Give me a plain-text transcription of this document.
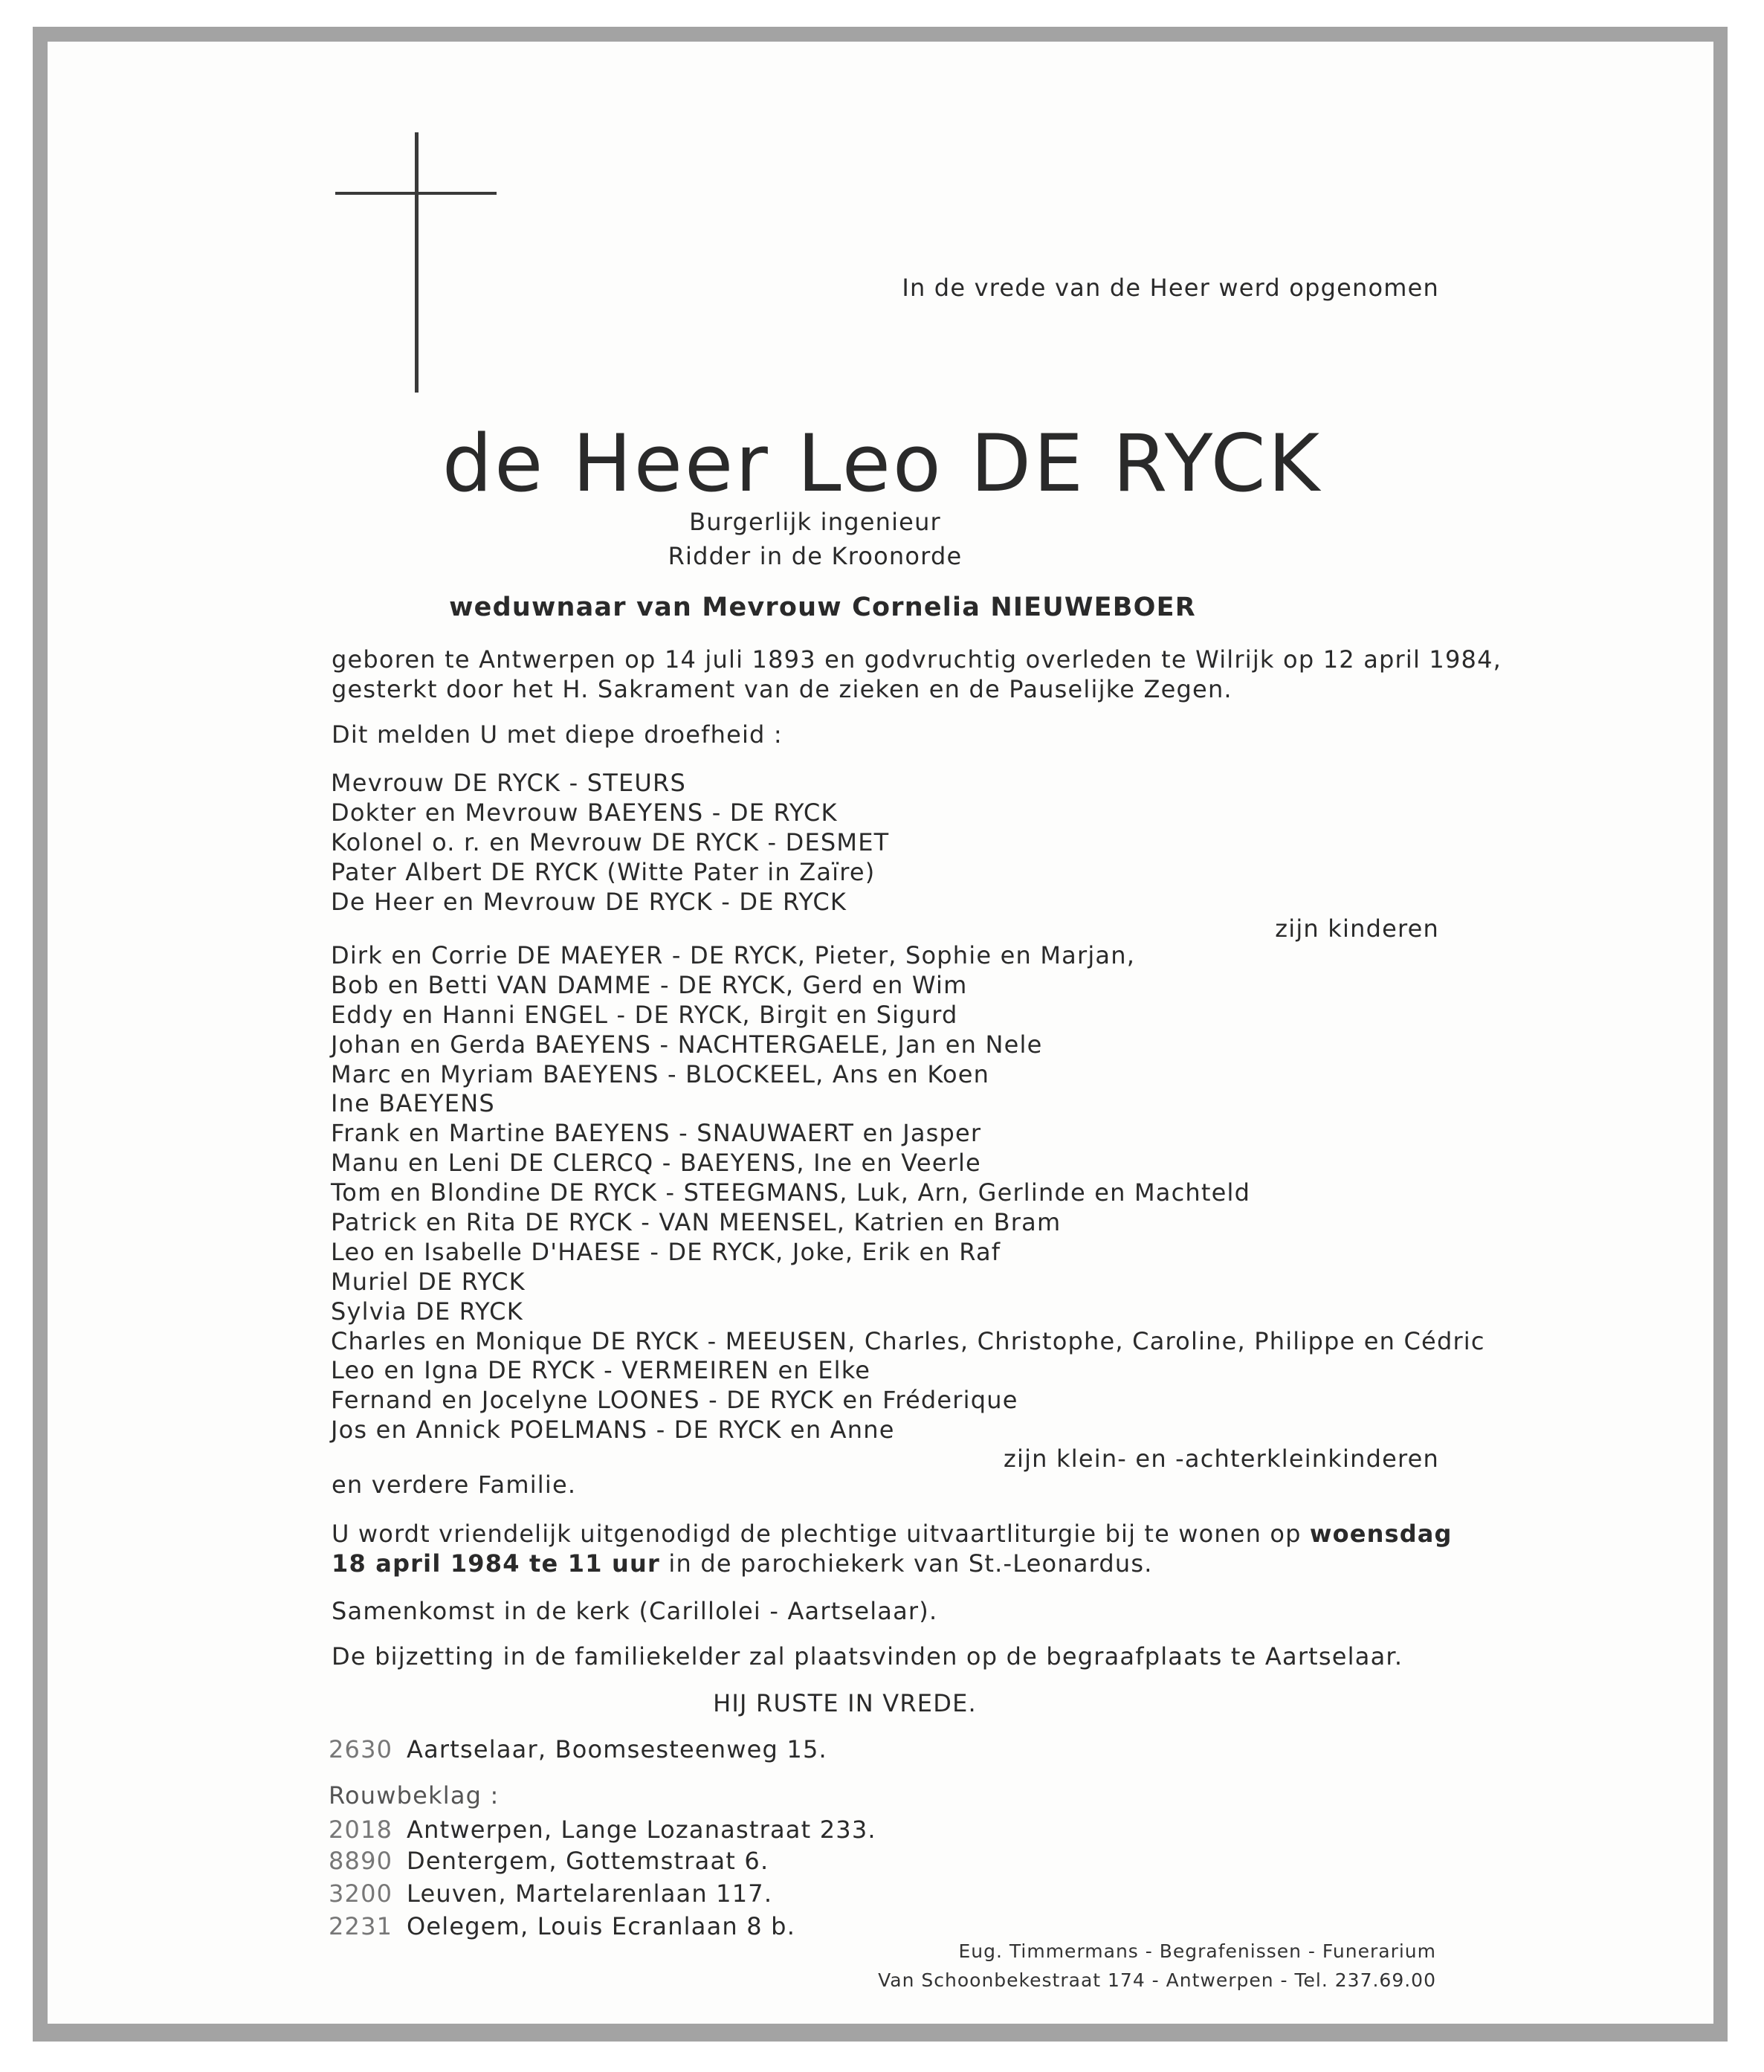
In de vrede van de Heer werd opgenomen
de Heer Leo DE RYCK
Burgerlijk ingenieur
Ridder in de Kroonorde
weduwnaar van Mevrouw Cornelia NIEUWEBOER
geboren te Antwerpen op 14 juli 1893 en godvruchtig overleden te Wilrijk op 12 april 1984,
gesterkt door het H. Sakrament van de zieken en de Pauselijke Zegen.
Dit melden U met diepe droefheid :
Mevrouw DE RYCK - STEURS
Dokter en Mevrouw BAEYENS - DE RYCK
Kolonel o. r. en Mevrouw DE RYCK - DESMET
Pater Albert DE RYCK (Witte Pater in Zaïre)
De Heer en Mevrouw DE RYCK - DE RYCK
zijn kinderen
Dirk en Corrie DE MAEYER - DE RYCK, Pieter, Sophie en Marjan,
Bob en Betti VAN DAMME - DE RYCK, Gerd en Wim
Eddy en Hanni ENGEL - DE RYCK, Birgit en Sigurd
Johan en Gerda BAEYENS - NACHTERGAELE, Jan en Nele
Marc en Myriam BAEYENS - BLOCKEEL, Ans en Koen
Ine BAEYENS
Frank en Martine BAEYENS - SNAUWAERT en Jasper
Manu en Leni DE CLERCQ - BAEYENS, Ine en Veerle
Tom en Blondine DE RYCK - STEEGMANS, Luk, Arn, Gerlinde en Machteld
Patrick en Rita DE RYCK - VAN MEENSEL, Katrien en Bram
Leo en Isabelle D'HAESE - DE RYCK, Joke, Erik en Raf
Muriel DE RYCK
Sylvia DE RYCK
Charles en Monique DE RYCK - MEEUSEN, Charles, Christophe, Caroline, Philippe en Cédric
Leo en Igna DE RYCK - VERMEIREN en Elke
Fernand en Jocelyne LOONES - DE RYCK en Fréderique
Jos en Annick POELMANS - DE RYCK en Anne
zijn klein- en -achterkleinkinderen
en verdere Familie.
U wordt vriendelijk uitgenodigd de plechtige uitvaartliturgie bij te wonen op woensdag
18 april 1984 te 11 uur in de parochiekerk van St.-Leonardus.
Samenkomst in de kerk (Carillolei - Aartselaar).
De bijzetting in de familiekelder zal plaatsvinden op de begraafplaats te Aartselaar.
HIJ RUSTE IN VREDE.
2630 Aartselaar, Boomsesteenweg 15.
Rouwbeklag :
2018 Antwerpen, Lange Lozanastraat 233.
8890 Dentergem, Gottemstraat 6.
3200 Leuven, Martelarenlaan 117.
2231 Oelegem, Louis Ecranlaan 8 b.
Eug. Timmermans - Begrafenissen - Funerarium
Van Schoonbekestraat 174 - Antwerpen - Tel. 237.69.00
